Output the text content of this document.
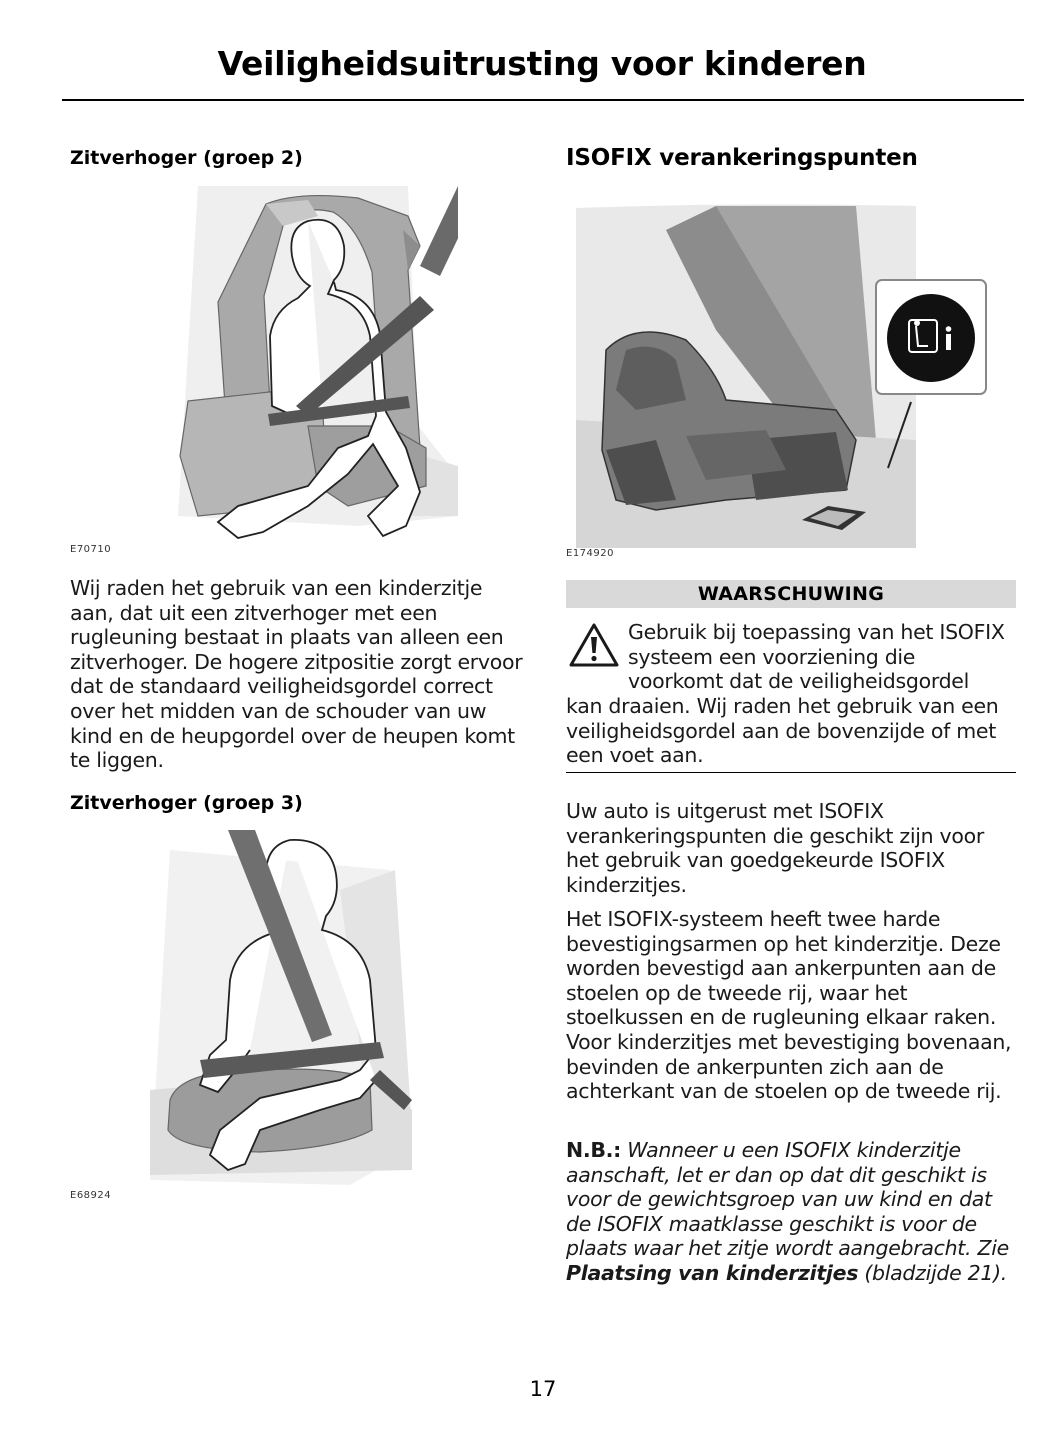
Veiligheidsuitrusting voor kinderen
Zitverhoger (groep 2)
E70710
Wij raden het gebruik van een kinderzitje aan, dat uit een zitverhoger met een rugleuning bestaat in plaats van alleen een zitverhoger. De hogere zitpositie zorgt ervoor dat de standaard veiligheidsgordel correct over het midden van de schouder van uw kind en de heupgordel over de heupen komt te liggen.
Zitverhoger (groep 3)
E68924
ISOFIX verankeringspunten
E174920
WAARSCHUWING
Gebruik bij toepassing van het ISOFIX
systeem een voorziening die
voorkomt dat de veiligheidsgordel
kan draaien. Wij raden het gebruik van een veiligheidsgordel aan de bovenzijde of met een voet aan.
Uw auto is uitgerust met ISOFIX verankeringspunten die geschikt zijn voor het gebruik van goedgekeurde ISOFIX kinderzitjes.
Het ISOFIX-systeem heeft twee harde bevestigingsarmen op het kinderzitje. Deze worden bevestigd aan ankerpunten aan de stoelen op de tweede rij, waar het stoelkussen en de rugleuning elkaar raken. Voor kinderzitjes met bevestiging bovenaan, bevinden de ankerpunten zich aan de achterkant van de stoelen op de tweede rij.
N.B.: Wanneer u een ISOFIX kinderzitje aanschaft, let er dan op dat dit geschikt is voor de gewichtsgroep van uw kind en dat de ISOFIX maatklasse geschikt is voor de plaats waar het zitje wordt aangebracht. Zie Plaatsing van kinderzitjes (bladzijde 21).
17
